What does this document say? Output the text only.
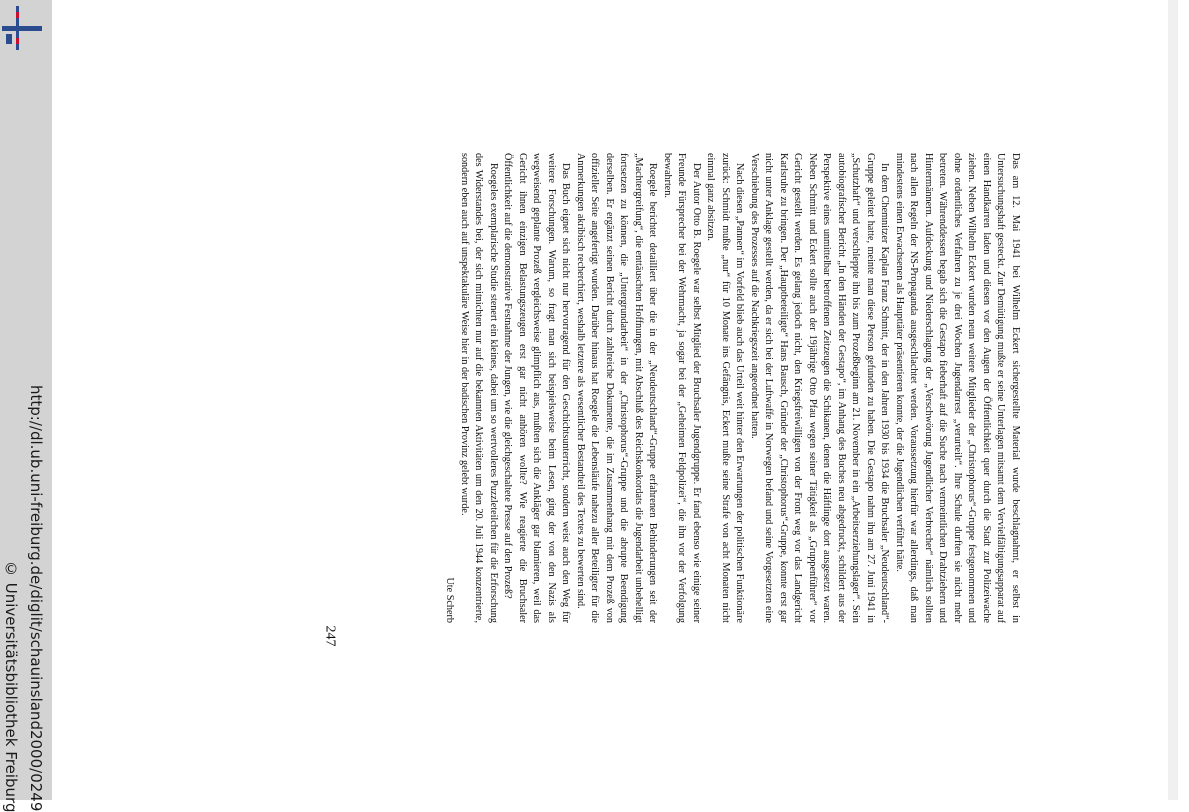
http://dl.ub.uni-freiburg.de/diglit/schauinsland2000/0249
© Universitätsbibliothek Freiburg

Das am 12. Mai 1941 bei Wilhelm Eckert sichergestellte Material wurde beschlagnahmt, er selbst in Untersuchungshaft gesteckt. Zur Demütigung mußte er seine Unterlagen mitsamt dem Vervielfältigungsapparat auf einen Handkarren laden und diesen vor den Augen der Öffentlichkeit quer durch die Stadt zur Polizeiwache ziehen. Neben Wilhelm Eckert wurden neun weitere Mitglieder der „Christophorus“-Gruppe festgenommen und ohne ordentliches Verfahren zu je drei Wochen Jugendarrest „verurteilt“. Ihre Schule durften sie nicht mehr betreten. Währenddessen begab sich die Gestapo fieberhaft auf die Suche nach vermeintlichen Drahtziehern und Hintermännern. Aufdeckung und Niederschlagung der „Verschwörung Jugendlicher Verbrecher“ nämlich sollten nach allen Regeln der NS-Propaganda ausgeschlachtet werden. Voraussetzung hierfür war allerdings, daß man mindestens einen Erwachsenen als Haupttäter präsentieren konnte, der die Jugendlichen verführt hätte.

In dem Chemnitzer Kaplan Franz Schmitt, der in den Jahren 1930 bis 1934 die Bruchsaler „Neudeutschland“-Gruppe geleitet hatte, meinte man diese Person gefunden zu haben. Die Gestapo nahm ihn am 27. Juni 1941 in „Schutzhaft“ und verschleppte ihn bis zum Prozeßbeginn am 21. November in ein „Arbeitserziehungslager“. Sein autobiografischer Bericht „In den Händen der Gestapo“, im Anhang des Buches neu abgedruckt, schildert aus der Perspektive eines unmittelbar betroffenen Zeitzeugen die Schikanen, denen die Häftlinge dort ausgesetzt waren. Neben Schmitt und Eckert sollte auch der 19jährige Otto Pfau wegen seiner Tätigkeit als „Gruppenführer“ vor Gericht gestellt werden. Es gelang jedoch nicht, den Kriegsfreiwilligen von der Front weg vor das Landgericht Karlsruhe zu bringen. Der „Hauptbeteiligte“ Hans Bausch, Gründer der „Christophorus“-Gruppe, konnte erst gar nicht unter Anklage gestellt werden, da er sich bei der Luftwaffe in Norwegen befand und seine Vorgesetzten eine Verschiebung des Prozesses auf die Nachkriegszeit angeordnet hatten.

Nach diesen „Pannen“ im Vorfeld blieb auch das Urteil weit hinter den Erwartungen der politischen Funktionäre zurück: Schmidt mußte „nur“ für 10 Monate ins Gefängnis, Eckert mußte seine Strafe von acht Monaten nicht einmal ganz absitzen.

Der Autor Otto B. Roegele war selbst Mitglied der Bruchsaler Jugendgruppe. Er fand ebenso wie einige seiner Freunde Fürsprecher bei der Wehrmacht, ja sogar bei der „Geheimen Feldpolizei“, die ihn vor der Verfolgung bewahrten.

Roegele berichtet detailliert über die in der „Neudeutschland“-Gruppe erfahrenen Behinderungen seit der „Machtergreifung“, die enttäuschten Hoffnungen, mit Abschluß des Reichskonkordats die Jugendarbeit unbehelligt fortsetzen zu können, die „Untergrundarbeit“ in der „Christophorus“-Gruppe und die abrupte Beendigung derselben. Er ergänzt seinen Bericht durch zahlreiche Dokumente, die im Zusammenhang mit dem Prozeß von offizieller Seite angefertigt wurden. Darüber hinaus hat Roegele die Lebensläufe nahezu aller Beteiligter für die Anmerkungen akribisch recherchiert, weshalb letztere als wesentlicher Bestandteil des Textes zu bewerten sind.

Das Buch eignet sich nicht nur hervorragend für den Geschichtsunterricht, sondern weist auch den Weg für weitere Forschungen. Warum, so fragt man sich beispielsweise beim Lesen, ging der von den Nazis als wegweisend geplante Prozeß vergleichsweise glimpflich aus, mußten sich die Ankläger gar blamieren, weil das Gericht ihnen einzigen Belastungszeugen erst gar nicht anhören wollte? Wie reagierte die Bruchsaler Öffentlichkeit auf die demonstrative Festnahme der Jungen, wie die gleichgeschaltete Presse auf den Prozeß?

Roegeles exemplarische Studie stenert ein kleines, dabei um so wertvolleres Puzzleteilchen für die Erforschung des Widerstandes bei, der sich mitnichten nur auf die bekannten Aktivitäten um den 20. Juli 1944 konzentrierte, sondern eben auch auf unspektakuläre Weise hier in der badischen Provinz gelebt wurde.

Ute Scherb

247
